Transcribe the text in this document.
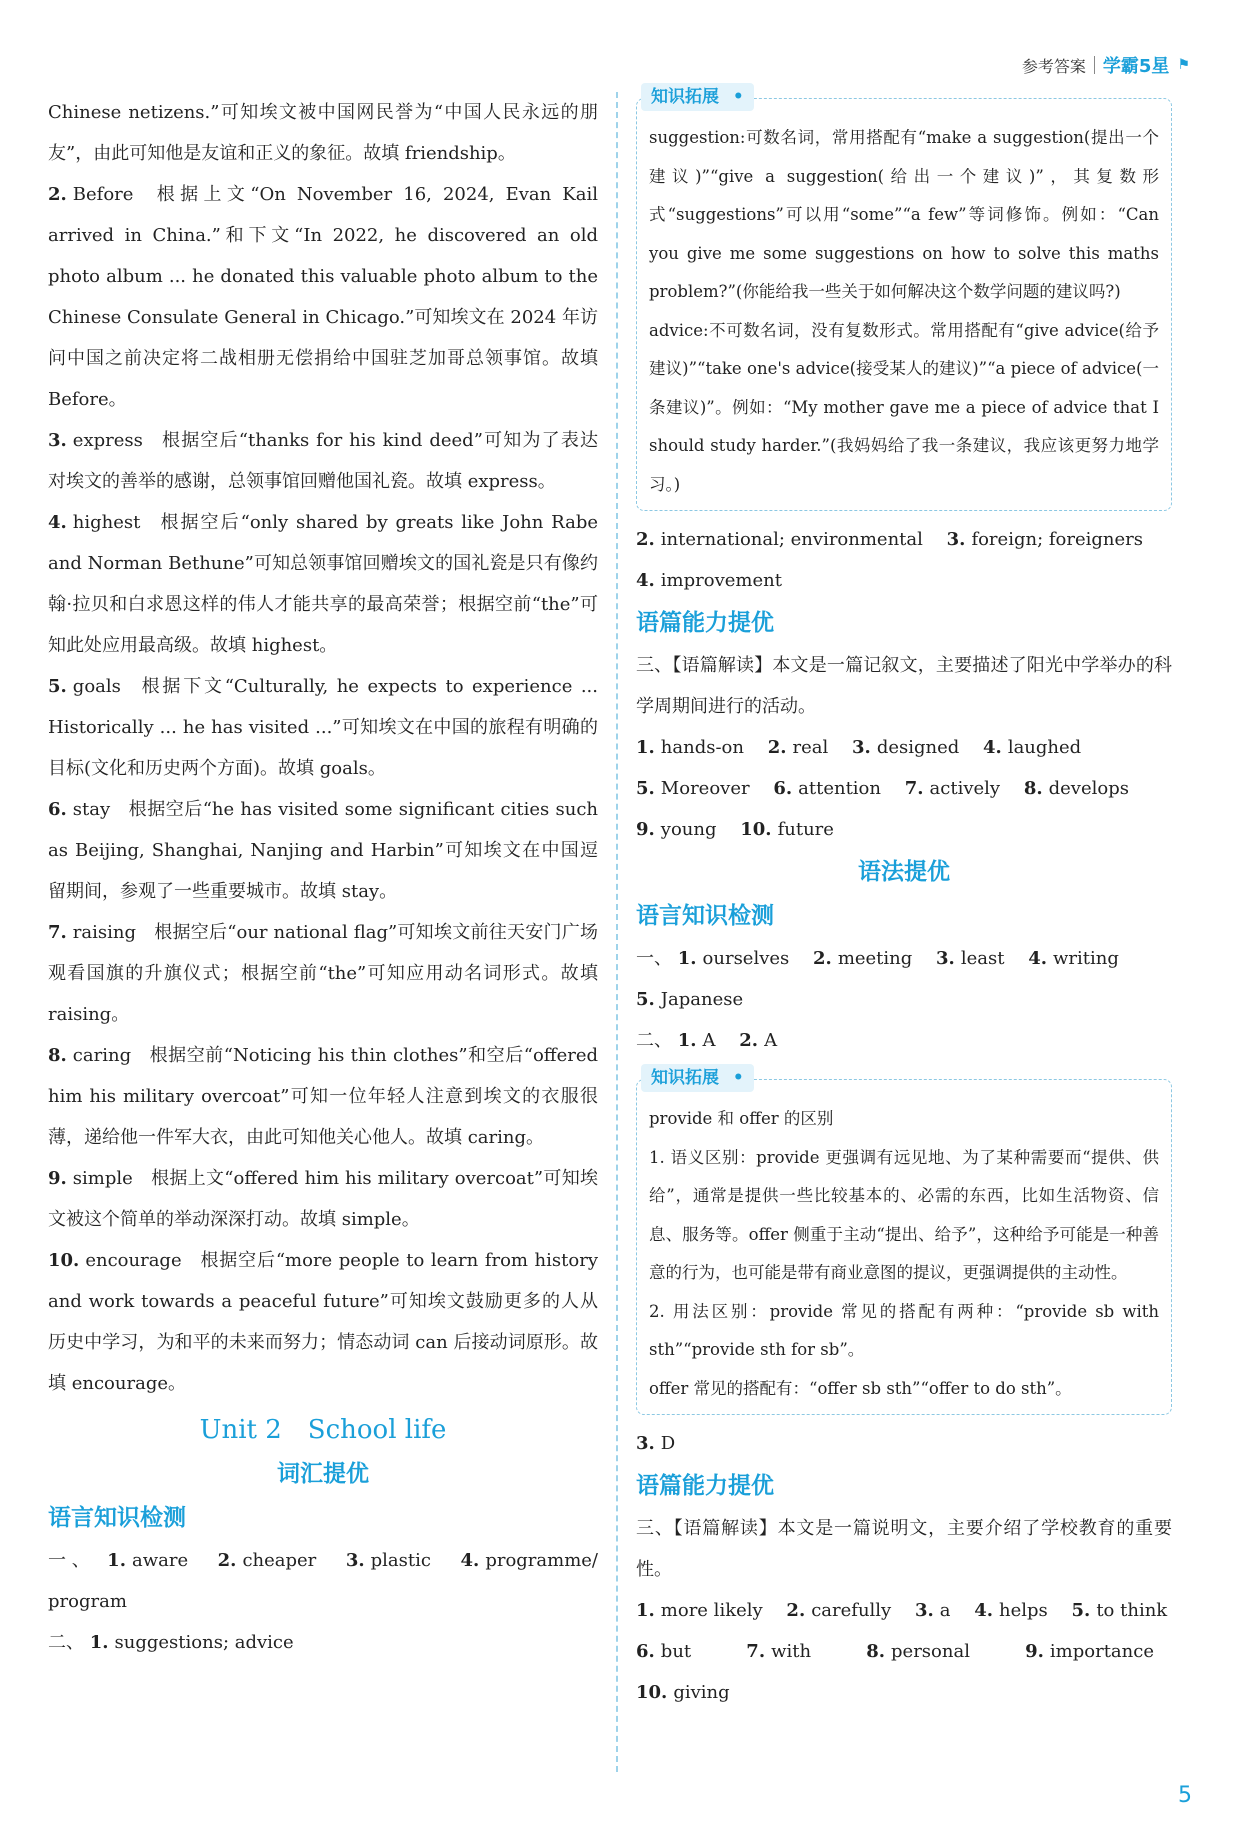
参考答案 学霸5星 ⚑

Chinese netizens.”可知埃文被中国网民誉为“中国人民永远的朋友”，由此可知他是友谊和正义的象征。故填 friendship。

2. Before 根据上文“On November 16, 2024, Evan Kail arrived in China.”和下文“In 2022, he discovered an old photo album ... he donated this valuable photo album to the Chinese Consulate General in Chicago.”可知埃文在 2024 年访问中国之前决定将二战相册无偿捐给中国驻芝加哥总领事馆。故填 Before。

3. express 根据空后“thanks for his kind deed”可知为了表达对埃文的善举的感谢，总领事馆回赠他国礼瓷。故填 express。

4. highest 根据空后“only shared by greats like John Rabe and Norman Bethune”可知总领事馆回赠埃文的国礼瓷是只有像约翰·拉贝和白求恩这样的伟人才能共享的最高荣誉；根据空前“the”可知此处应用最高级。故填 highest。

5. goals 根据下文“Culturally, he expects to experience ... Historically ... he has visited ...”可知埃文在中国的旅程有明确的目标(文化和历史两个方面)。故填 goals。

6. stay 根据空后“he has visited some significant cities such as Beijing, Shanghai, Nanjing and Harbin”可知埃文在中国逗留期间，参观了一些重要城市。故填 stay。

7. raising 根据空后“our national flag”可知埃文前往天安门广场观看国旗的升旗仪式；根据空前“the”可知应用动名词形式。故填 raising。

8. caring 根据空前“Noticing his thin clothes”和空后“offered him his military overcoat”可知一位年轻人注意到埃文的衣服很薄，递给他一件军大衣，由此可知他关心他人。故填 caring。

9. simple 根据上文“offered him his military overcoat”可知埃文被这个简单的举动深深打动。故填 simple。

10. encourage 根据空后“more people to learn from history and work towards a peaceful future”可知埃文鼓励更多的人从历史中学习，为和平的未来而努力；情态动词 can 后接动词原形。故填 encourage。

Unit 2　School life
词汇提优
语言知识检测

一、 1. aware 2. cheaper 3. plastic 4. programme/ program

二、 1. suggestions; advice

知识拓展 •

suggestion:可数名词，常用搭配有“make a suggestion(提出一个建议)”“give a suggestion(给出一个建议)”，其复数形式“suggestions”可以用“some”“a few”等词修饰。例如：“Can you give me some suggestions on how to solve this maths problem?”(你能给我一些关于如何解决这个数学问题的建议吗?)

advice:不可数名词，没有复数形式。常用搭配有“give advice(给予建议)”“take one's advice(接受某人的建议)”“a piece of advice(一条建议)”。例如：“My mother gave me a piece of advice that I should study harder.”(我妈妈给了我一条建议，我应该更努力地学习。)

2. international; environmental 3. foreign; foreigners

4. improvement

语篇能力提优

三、【语篇解读】本文是一篇记叙文，主要描述了阳光中学举办的科学周期间进行的活动。

1. hands-on 2. real 3. designed 4. laughed

5. Moreover 6. attention 7. actively 8. develops

9. young 10. future

语法提优
语言知识检测

一、 1. ourselves 2. meeting 3. least 4. writing

5. Japanese

二、 1. A 2. A

知识拓展 •

provide 和 offer 的区别

1. 语义区别：provide 更强调有远见地、为了某种需要而“提供、供给”，通常是提供一些比较基本的、必需的东西，比如生活物资、信息、服务等。offer 侧重于主动“提出、给予”，这种给予可能是一种善意的行为，也可能是带有商业意图的提议，更强调提供的主动性。

2. 用法区别：provide 常见的搭配有两种：“provide sb with sth”“provide sth for sb”。

offer 常见的搭配有：“offer sb sth”“offer to do sth”。

3. D

语篇能力提优

三、【语篇解读】本文是一篇说明文，主要介绍了学校教育的重要性。

1. more likely 2. carefully 3. a 4. helps 5. to think

6. but	7. with	8. personal	9. importance 10. giving

5
